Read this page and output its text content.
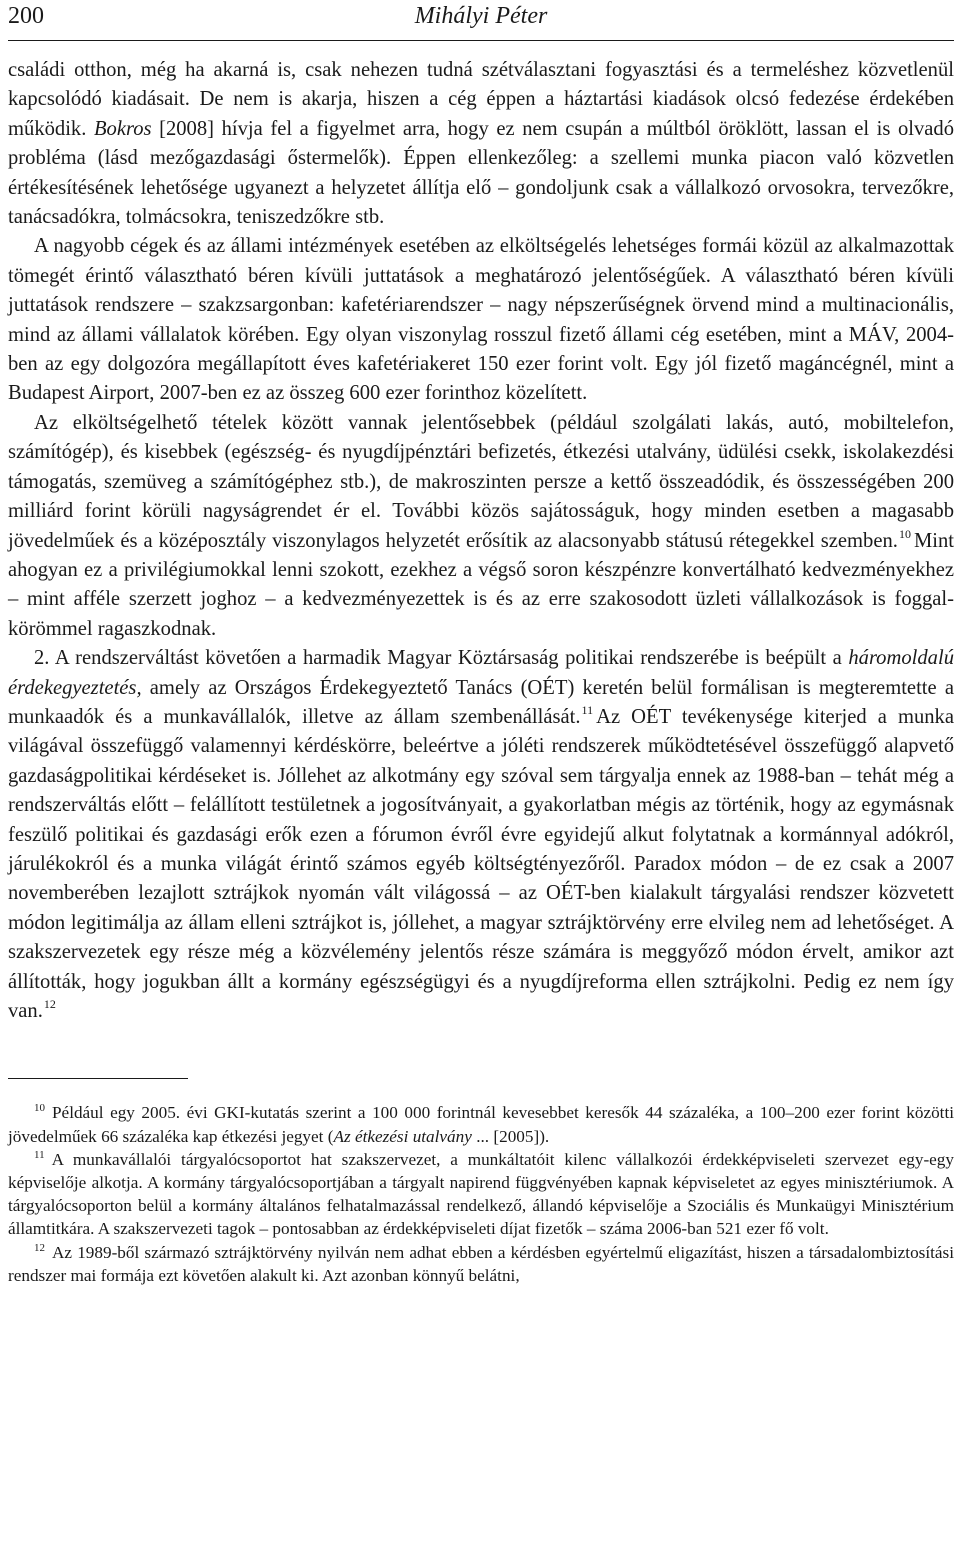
200	Mihályi Péter

családi otthon, még ha akarná is, csak nehezen tudná szétválasztani fogyasztási és a termeléshez közvetlenül kapcsolódó kiadásait. De nem is akarja, hiszen a cég éppen a háztartási kiadások olcsó fedezése érdekében működik. Bokros [2008] hívja fel a figyelmet arra, hogy ez nem csupán a múltból öröklött, lassan el is olvadó probléma (lásd mezőgazdasági őstermelők). Éppen ellenkezőleg: a szellemi munka piacon való közvetlen értékesítésének lehetősége ugyanezt a helyzetet állítja elő – gondoljunk csak a vállalkozó orvosokra, tervezőkre, tanácsadókra, tolmácsokra, teniszedzőkre stb.

A nagyobb cégek és az állami intézmények esetében az elköltségelés lehetséges formái közül az alkalmazottak tömegét érintő választható béren kívüli juttatások a meghatározó jelentőségűek. A választható béren kívüli juttatások rendszere – szakzsargonban: kafetériarendszer – nagy népszerűségnek örvend mind a multinacionális, mind az állami vállalatok körében. Egy olyan viszonylag rosszul fizető állami cég esetében, mint a MÁV, 2004-ben az egy dolgozóra megállapított éves kafetériakeret 150 ezer forint volt. Egy jól fizető magáncégnél, mint a Budapest Airport, 2007-ben ez az összeg 600 ezer forinthoz közelített.

Az elköltségelhető tételek között vannak jelentősebbek (például szolgálati lakás, autó, mobiltelefon, számítógép), és kisebbek (egészség- és nyugdíjpénztári befizetés, étkezési utalvány, üdülési csekk, iskolakezdési támogatás, szemüveg a számítógéphez stb.), de makroszinten persze a kettő összeadódik, és összességében 200 milliárd forint körüli nagyságrendet ér el. További közös sajátosságuk, hogy minden esetben a magasabb jövedelműek és a középosztály viszonylagos helyzetét erősítik az alacsonyabb státusú rétegekkel szemben.$^{10}$ Mint ahogyan ez a privilégiumokkal lenni szokott, ezekhez a végső soron készpénzre konvertálható kedvezményekhez – mint afféle szerzett joghoz – a kedvezményezettek is és az erre szakosodott üzleti vállalkozások is foggal-körömmel ragaszkodnak.

2. A rendszerváltást követően a harmadik Magyar Köztársaság politikai rendszerébe is beépült a háromoldalú érdekegyeztetés, amely az Országos Érdekegyeztető Tanács (OÉT) keretén belül formálisan is megteremtette a munkaadók és a munkavállalók, illetve az állam szembenállását.$^{11}$ Az OÉT tevékenysége kiterjed a munka világával összefüggő valamennyi kérdéskörre, beleértve a jóléti rendszerek működtetésével összefüggő alapvető gazdaságpolitikai kérdéseket is. Jóllehet az alkotmány egy szóval sem tárgyalja ennek az 1988-ban – tehát még a rendszerváltás előtt – felállított testületnek a jogosítványait, a gyakorlatban mégis az történik, hogy az egymásnak feszülő politikai és gazdasági erők ezen a fórumon évről évre egyidejű alkut folytatnak a kormánnyal adókról, járulékokról és a munka világát érintő számos egyéb költségtényezőről. Paradox módon – de ez csak a 2007 novemberében lezajlott sztrájkok nyomán vált világossá – az OÉT-ben kialakult tárgyalási rendszer közvetett módon legitimálja az állam elleni sztrájkot is, jóllehet, a magyar sztrájktörvény erre elvileg nem ad lehetőséget. A szakszervezetek egy része még a közvélemény jelentős része számára is meggyőző módon érvelt, amikor azt állították, hogy jogukban állt a kormány egészségügyi és a nyugdíjreforma ellen sztrájkolni. Pedig ez nem így van.$^{12}$

$^{10}$ Például egy 2005. évi GKI-kutatás szerint a 100 000 forintnál kevesebbet keresők 44 százaléka, a 100–200 ezer forint közötti jövedelműek 66 százaléka kap étkezési jegyet (Az étkezési utalvány ... [2005]).

$^{11}$ A munkavállalói tárgyalócsoportot hat szakszervezet, a munkáltatóit kilenc vállalkozói érdekképviseleti szervezet egy-egy képviselője alkotja. A kormány tárgyalócsoportjában a tárgyalt napirend függvényében kapnak képviseletet az egyes minisztériumok. A tárgyalócsoporton belül a kormány általános felhatalmazással rendelkező, állandó képviselője a Szociális és Munkaügyi Minisztérium államtitkára. A szakszervezeti tagok – pontosabban az érdekképviseleti díjat fizetők – száma 2006-ban 521 ezer fő volt.

$^{12}$ Az 1989-ből származó sztrájktörvény nyilván nem adhat ebben a kérdésben egyértelmű eligazítást, hiszen a társadalombiztosítási rendszer mai formája ezt követően alakult ki. Azt azonban könnyű belátni,
